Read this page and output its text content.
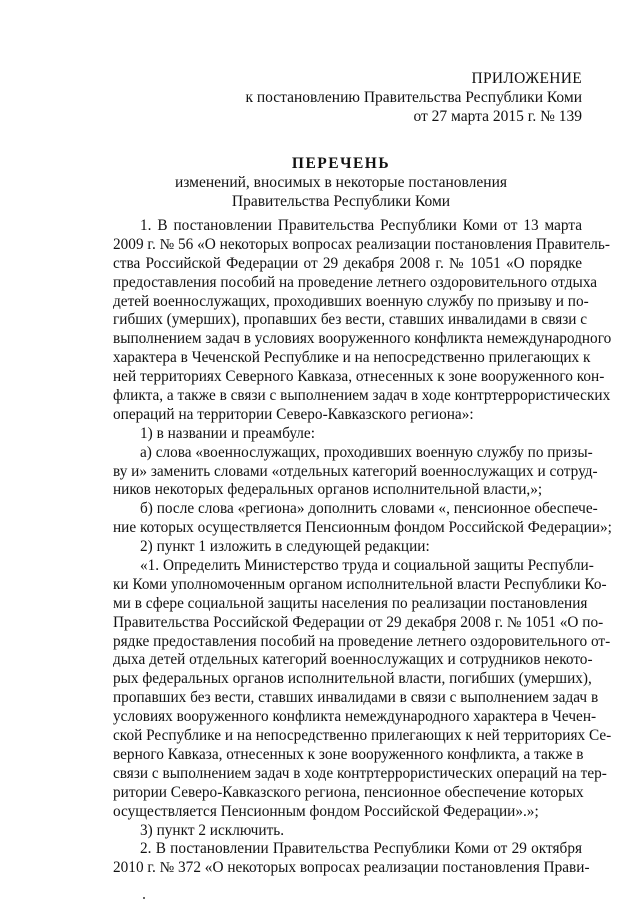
ПРИЛОЖЕНИЕ
к постановлению Правительства Республики Коми
от 27 марта 2015 г. № 139
ПЕРЕЧЕНЬ
изменений, вносимых в некоторые постановления
Правительства Республики Коми
1. В постановлении Правительства Республики Коми от 13 марта
2009 г. № 56 «О некоторых вопросах реализации постановления Правитель-
ства Российской Федерации от 29 декабря 2008 г. № 1051 «О порядке
предоставления пособий на проведение летнего оздоровительного отдыха
детей военнослужащих, проходивших военную службу по призыву и по-
гибших (умерших), пропавших без вести, ставших инвалидами в связи с
выполнением задач в условиях вооруженного конфликта немеждународного
характера в Чеченской Республике и на непосредственно прилегающих к
ней территориях Северного Кавказа, отнесенных к зоне вооруженного кон-
фликта, а также в связи с выполнением задач в ходе контртеррористических
операций на территории Северо-Кавказского региона»:
1) в названии и преамбуле:
а) слова «военнослужащих, проходивших военную службу по призы-
ву и» заменить словами «отдельных категорий военнослужащих и сотруд-
ников некоторых федеральных органов исполнительной власти,»;
б) после слова «региона» дополнить словами «, пенсионное обеспече-
ние которых осуществляется Пенсионным фондом Российской Федерации»;
2) пункт 1 изложить в следующей редакции:
«1. Определить Министерство труда и социальной защиты Республи-
ки Коми уполномоченным органом исполнительной власти Республики Ко-
ми в сфере социальной защиты населения по реализации постановления
Правительства Российской Федерации от 29 декабря 2008 г. № 1051 «О по-
рядке предоставления пособий на проведение летнего оздоровительного от-
дыха детей отдельных категорий военнослужащих и сотрудников некото-
рых федеральных органов исполнительной власти, погибших (умерших),
пропавших без вести, ставших инвалидами в связи с выполнением задач в
условиях вооруженного конфликта немеждународного характера в Чечен-
ской Республике и на непосредственно прилегающих к ней территориях Се-
верного Кавказа, отнесенных к зоне вооруженного конфликта, а также в
связи с выполнением задач в ходе контртеррористических операций на тер-
ритории Северо-Кавказского региона, пенсионное обеспечение которых
осуществляется Пенсионным фондом Российской Федерации».»;
3) пункт 2 исключить.
2. В постановлении Правительства Республики Коми от 29 октября
2010 г. № 372 «О некоторых вопросах реализации постановления Прави-
